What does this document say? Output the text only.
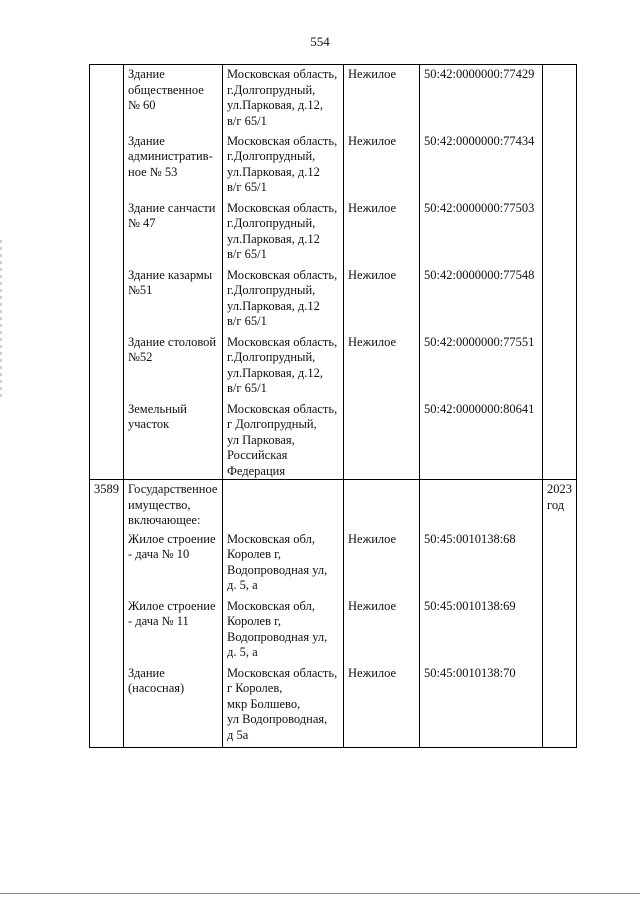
554
	Здание
общественное
№ 60	Московская область,
г.Долгопрудный,
ул.Парковая, д.12,
в/г 65/1	Нежилое	50:42:0000000:77429	
	Здание
административ-
ное № 53	Московская область,
г.Долгопрудный,
ул.Парковая, д.12
в/г 65/1	Нежилое	50:42:0000000:77434	
	Здание санчасти
№ 47	Московская область,
г.Долгопрудный,
ул.Парковая, д.12
в/г 65/1	Нежилое	50:42:0000000:77503	
	Здание казармы
№51	Московская область,
г.Долгопрудный,
ул.Парковая, д.12
в/г 65/1	Нежилое	50:42:0000000:77548	
	Здание столовой
№52	Московская область,
г.Долгопрудный,
ул.Парковая, д.12,
в/г 65/1	Нежилое	50:42:0000000:77551	
	Земельный
участок	Московская область,
г Долгопрудный,
ул Парковая,
Российская
Федерация		50:42:0000000:80641	
3589	Государственное
имущество,
включающее:				2023
год
	Жилое строение
- дача № 10	Московская обл,
Королев г,
Водопроводная ул,
д. 5, а	Нежилое	50:45:0010138:68	
	Жилое строение
- дача № 11	Московская обл,
Королев г,
Водопроводная ул,
д. 5, а	Нежилое	50:45:0010138:69	
	Здание
(насосная)	Московская область,
г Королев,
мкр Болшево,
ул Водопроводная,
д 5а	Нежилое	50:45:0010138:70	
